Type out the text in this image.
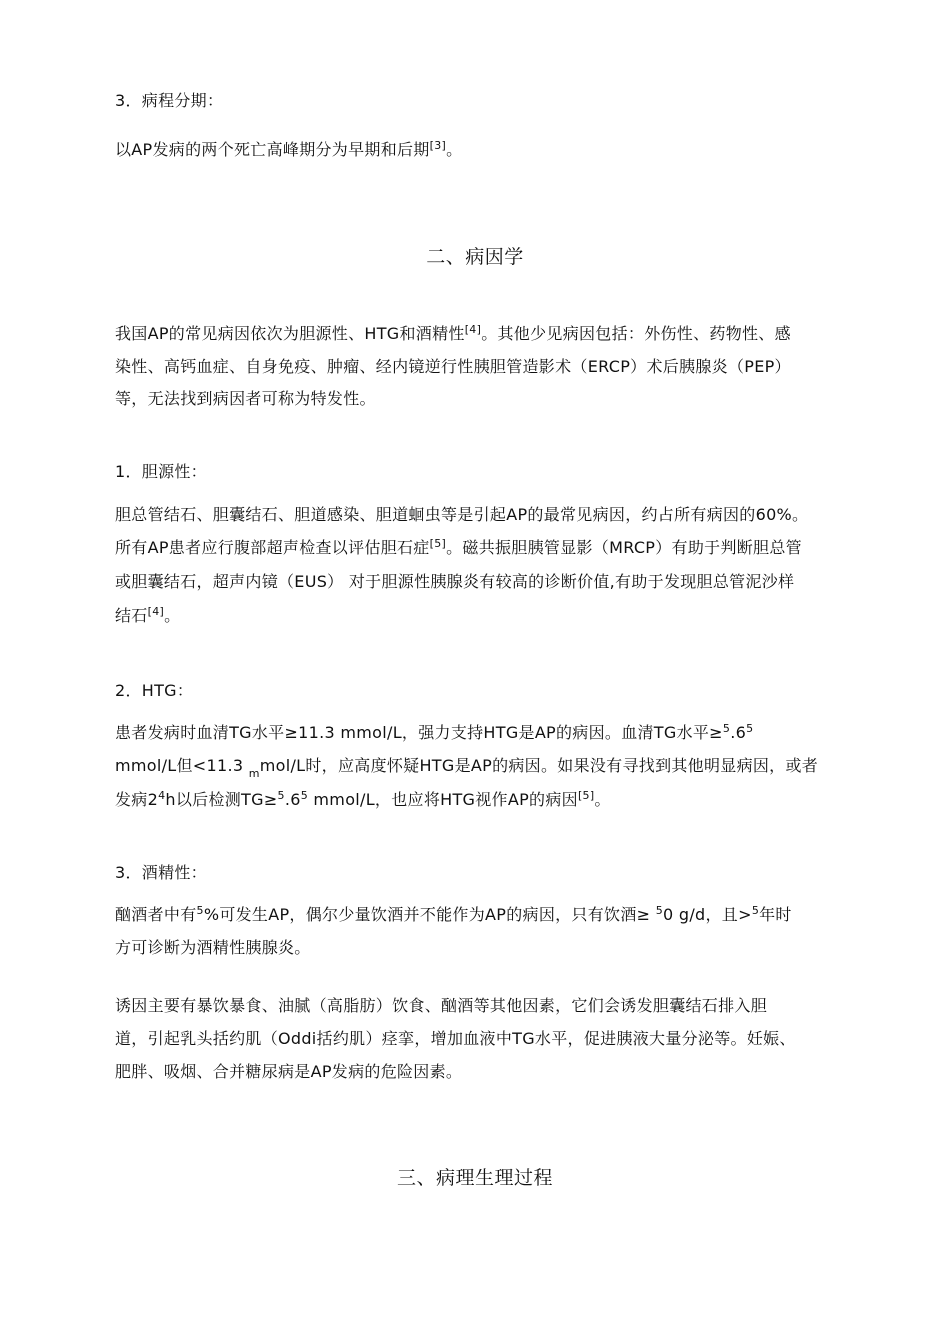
3．病程分期：
以AP发病的两个死亡高峰期分为早期和后期[3]。
二、病因学
我国AP的常见病因依次为胆源性、HTG和酒精性[4]。其他少见病因包括：外伤性、药物性、感
染性、高钙血症、自身免疫、肿瘤、经内镜逆行性胰胆管造影术（ERCP）术后胰腺炎（PEP）
等，无法找到病因者可称为特发性。
1．胆源性：
胆总管结石、胆囊结石、胆道感染、胆道蛔虫等是引起AP的最常见病因，约占所有病因的60%。
所有AP患者应行腹部超声检查以评估胆石症[5]。磁共振胆胰管显影（MRCP）有助于判断胆总管
或胆囊结石，超声内镜（EUS） 对于胆源性胰腺炎有较高的诊断价值,有助于发现胆总管泥沙样
结石[4]。
2．HTG：
患者发病时血清TG水平≥11.3 mmol/L，强力支持HTG是AP的病因。血清TG水平$\ge^5.6^5$
mmol/L但<11.3 $_m$mol/L时，应高度怀疑HTG是AP的病因。如果没有寻找到其他明显病因，或者
发病$2^4h$以后检测$TG\ge^5.6^5$ mmol/L，也应将HTG视作AP的病因[5]。
3．酒精性：
酗酒者中有$^5$%可发生AP，偶尔少量饮酒并不能作为AP的病因，只有饮酒≥ $^5$0 g/d，且>$^5$年时
方可诊断为酒精性胰腺炎。
诱因主要有暴饮暴食、油腻（高脂肪）饮食、酗酒等其他因素，它们会诱发胆囊结石排入胆
道，引起乳头括约肌（Oddi括约肌）痉挛，增加血液中TG水平，促进胰液大量分泌等。妊娠、
肥胖、吸烟、合并糖尿病是AP发病的危险因素。
三、病理生理过程
